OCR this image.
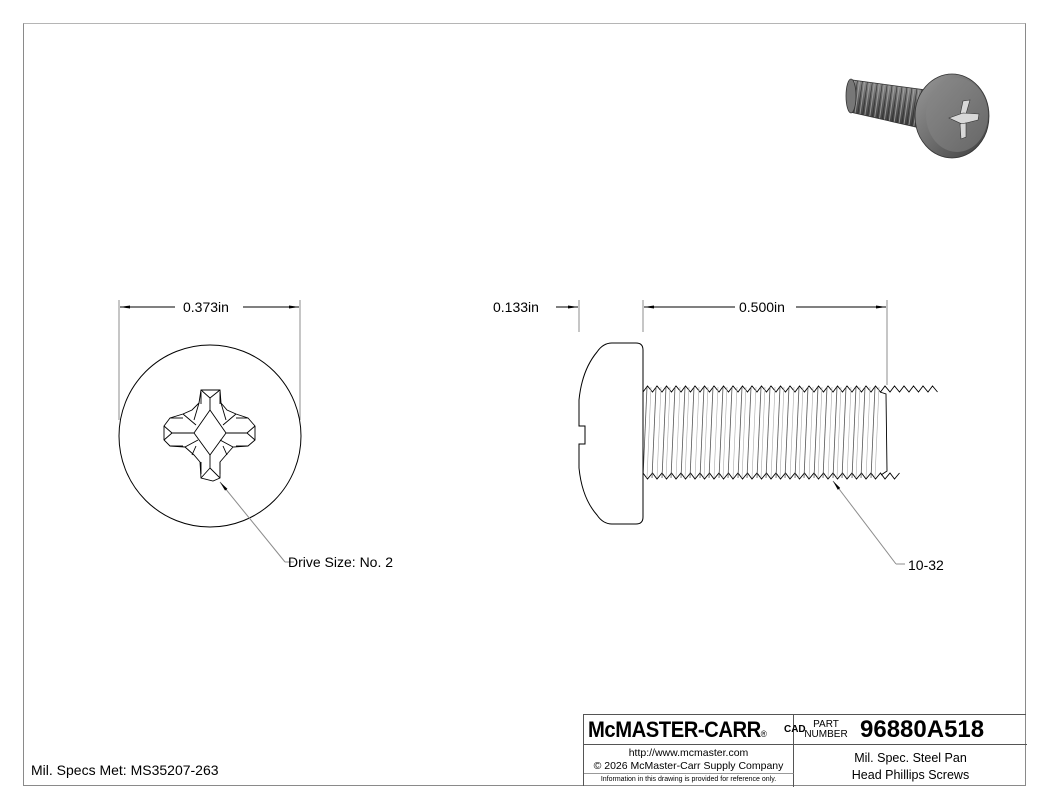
0.373in	0.133in	0.500in
Drive Size: No. 2	10-32
Mil. Specs Met: MS35207-263
McMASTER-CARR® CAD PART
NUMBER 96880A518
http://www.mcmaster.com
© 2026 McMaster-Carr Supply Company
Information in this drawing is provided for reference only.
Mil. Spec. Steel Pan
Head Phillips Screws
